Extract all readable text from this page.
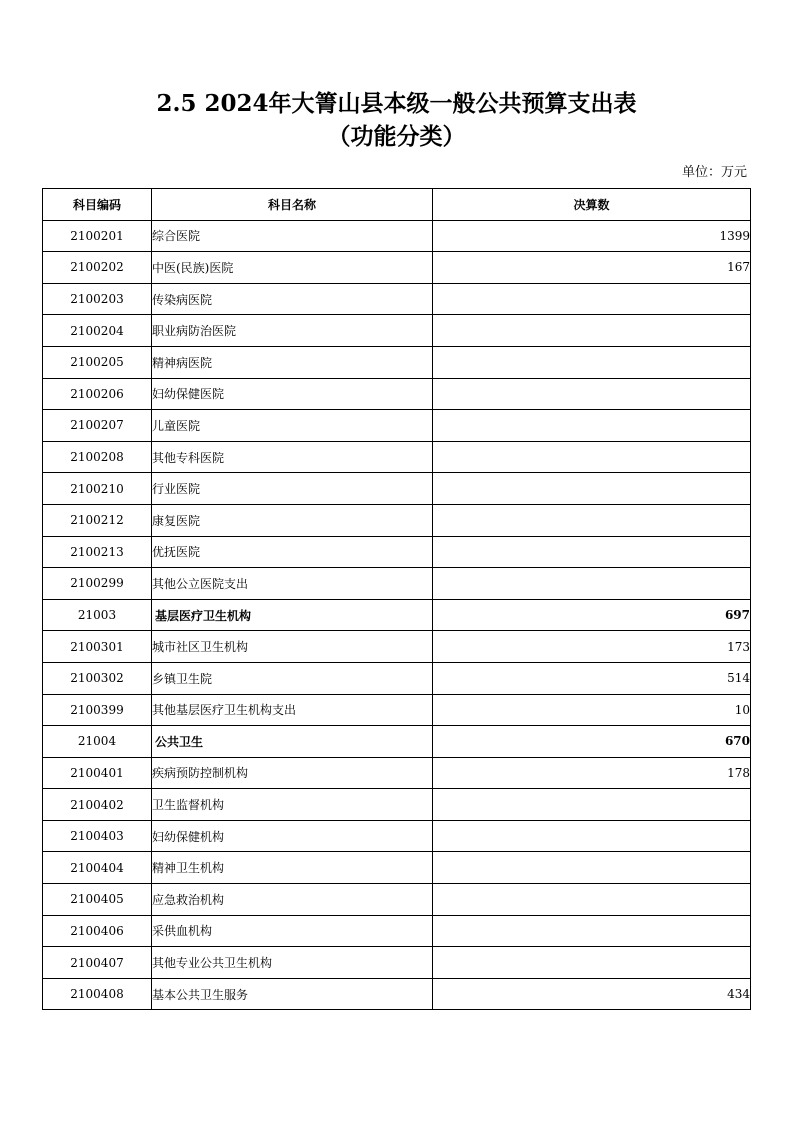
2.5 2024年大箐山县本级一般公共预算支出表
（功能分类）
单位：万元
科目编码	科目名称	决算数
2100201	综合医院	1399
2100202	中医(民族)医院	167
2100203	传染病医院	
2100204	职业病防治医院	
2100205	精神病医院	
2100206	妇幼保健医院	
2100207	儿童医院	
2100208	其他专科医院	
2100210	行业医院	
2100212	康复医院	
2100213	优抚医院	
2100299	其他公立医院支出	
21003	基层医疗卫生机构	697
2100301	城市社区卫生机构	173
2100302	乡镇卫生院	514
2100399	其他基层医疗卫生机构支出	10
21004	公共卫生	670
2100401	疾病预防控制机构	178
2100402	卫生监督机构	
2100403	妇幼保健机构	
2100404	精神卫生机构	
2100405	应急救治机构	
2100406	采供血机构	
2100407	其他专业公共卫生机构	
2100408	基本公共卫生服务	434
